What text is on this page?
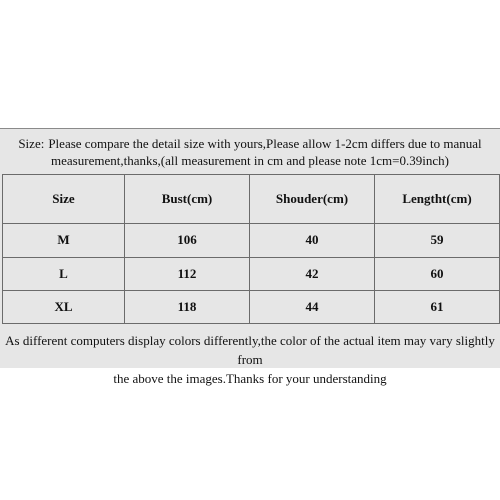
Size: Please compare the detail size with yours,Please allow 1-2cm differs due to manual
measurement,thanks,(all measurement in cm and please note 1cm=0.39inch)
Size	Bust(cm)	Shouder(cm)	Lengtht(cm)
M	106	40	59
L	112	42	60
XL	118	44	61
As different computers display colors differently,the color of the actual item may vary slightly from
the above the images.Thanks for your understanding
